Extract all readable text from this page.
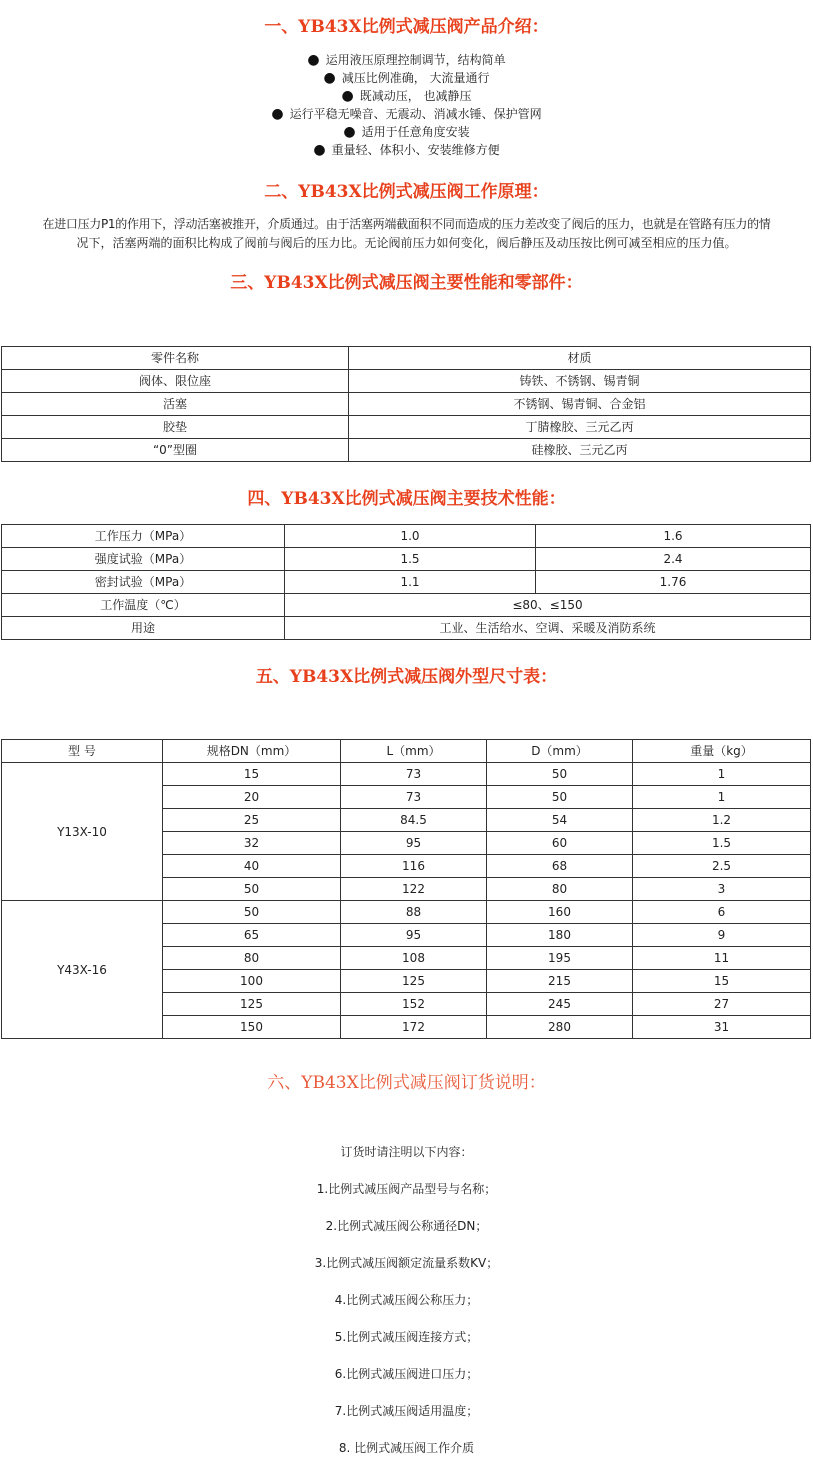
一、YB43X比例式减压阀产品介绍：
● 运用液压原理控制调节，结构简单
● 减压比例准确， 大流量通行
● 既减动压， 也减静压
● 运行平稳无噪音、无震动、消减水锤、保护管网
● 适用于任意角度安装
● 重量轻、体积小、安装维修方便
二、YB43X比例式减压阀工作原理：
在进口压力P1的作用下，浮动活塞被推开，介质通过。由于活塞两端截面积不同而造成的压力差改变了阀后的压力，也就是在管路有压力的情
况下，活塞两端的面积比构成了阀前与阀后的压力比。无论阀前压力如何变化，阀后静压及动压按比例可减至相应的压力值。
三、YB43X比例式减压阀主要性能和零部件：
零件名称	材质
阀体、限位座	铸铁、不锈钢、锡青铜
活塞	不锈钢、锡青铜、合金铝
胶垫	丁腈橡胶、三元乙丙
“0”型圈	硅橡胶、三元乙丙
四、YB43X比例式减压阀主要技术性能：
工作压力（MPa）	1.0	1.6
强度试验（MPa）	1.5	2.4
密封试验（MPa）	1.1	1.76
工作温度（℃）	≤80、≤150	
用途	工业、生活给水、空调、采暖及消防系统	
五、YB43X比例式减压阀外型尺寸表：
型 号	规格DN（mm）	L（mm）	D（mm）	重量（kg）
Y13X-10	15	73	50	1
	20	73	50	1
	25	84.5	54	1.2
	32	95	60	1.5
	40	116	68	2.5
	50	122	80	3
Y43X-16	50	88	160	6
	65	95	180	9
	80	108	195	11
	100	125	215	15
	125	152	245	27
	150	172	280	31
六、YB43X比例式减压阀订货说明：
订货时请注明以下内容：
1.比例式减压阀产品型号与名称；
2.比例式减压阀公称通径DN；
3.比例式减压阀额定流量系数KV；
4.比例式减压阀公称压力；
5.比例式减压阀连接方式；
6.比例式减压阀进口压力；
7.比例式减压阀适用温度；
8. 比例式减压阀工作介质
